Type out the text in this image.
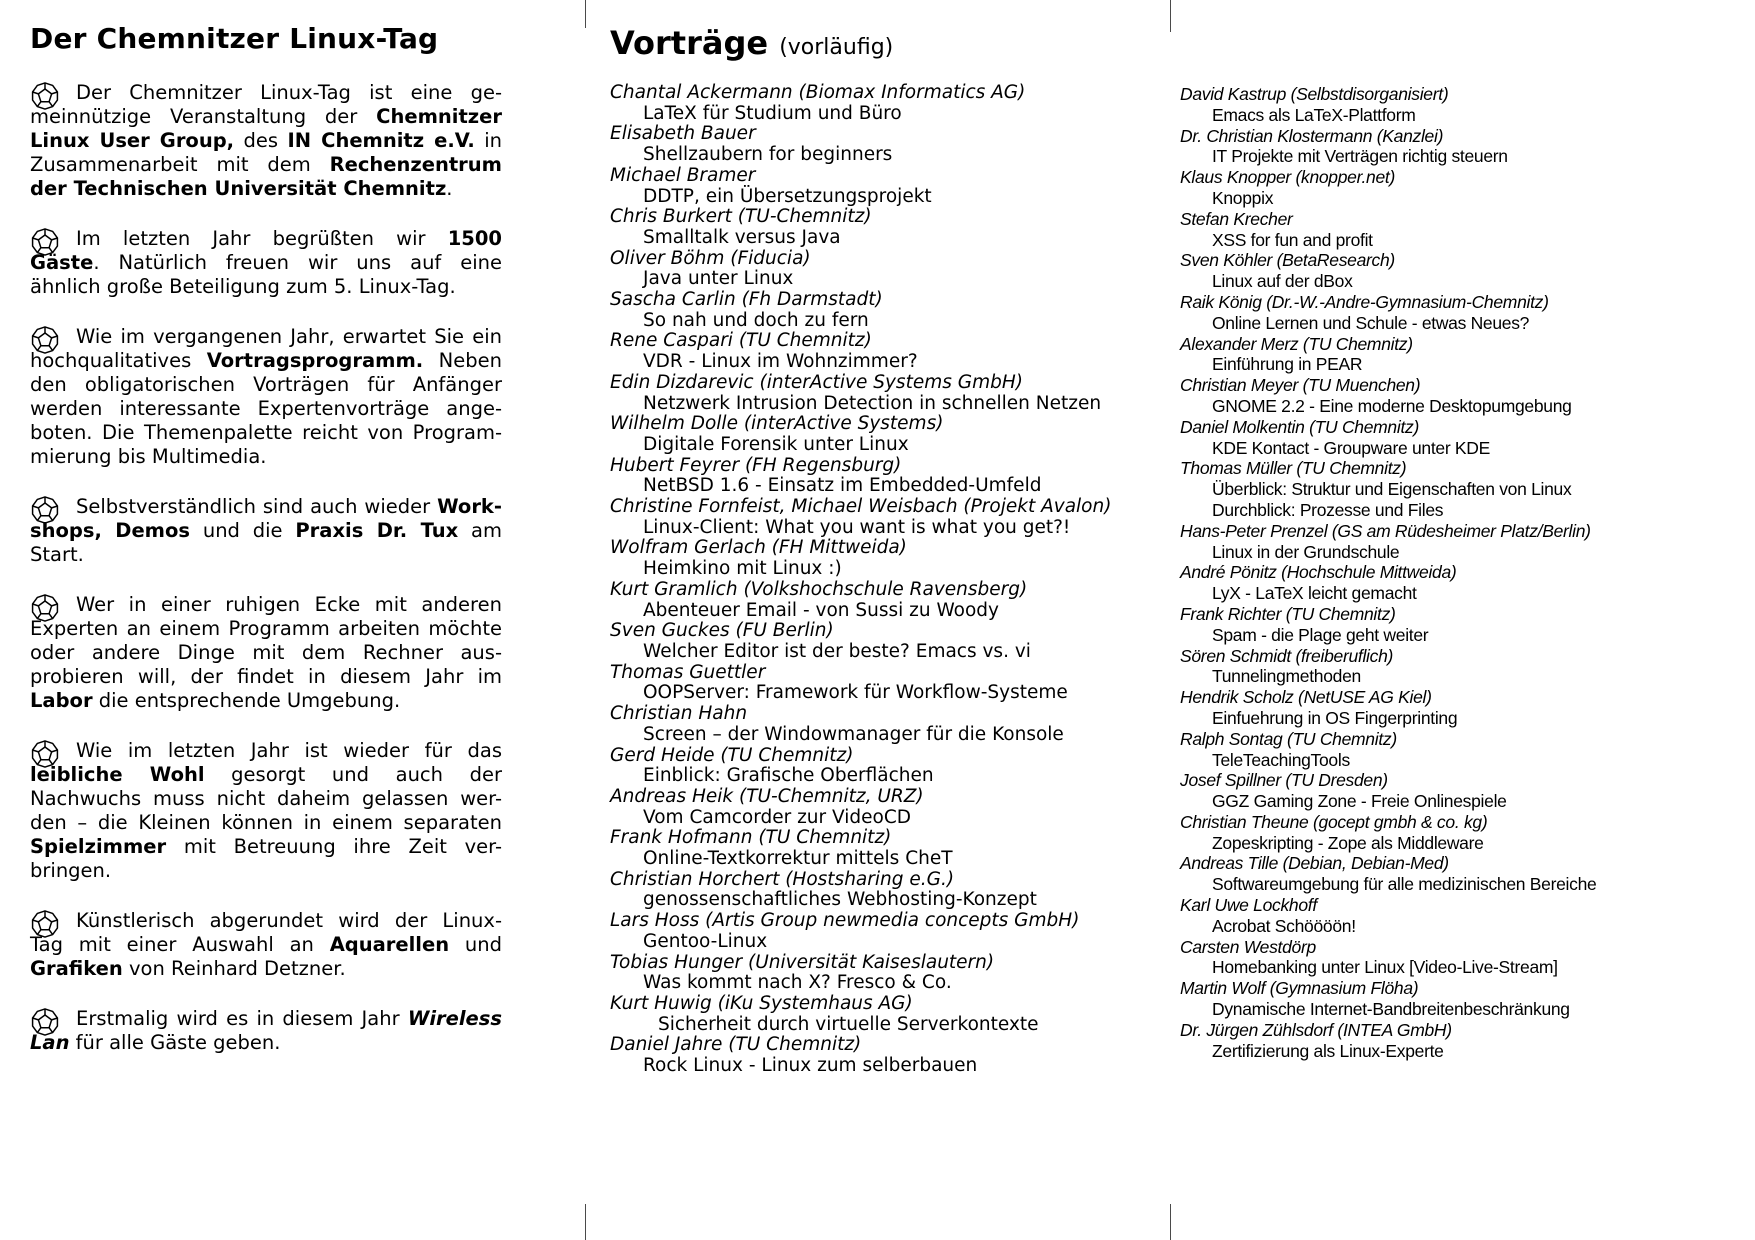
Der Chemnitzer Linux-Tag
Der Chemnitzer Linux-Tag ist eine ge-
meinnützige Veranstaltung der Chemnitzer
Linux User Group, des IN Chemnitz e.V. in
Zusammenarbeit mit dem Rechenzentrum
der Technischen Universität Chemnitz.
Im letzten Jahr begrüßten wir 1500
Gäste. Natürlich freuen wir uns auf eine
ähnlich große Beteiligung zum 5. Linux-Tag.
Wie im vergangenen Jahr, erwartet Sie ein
hochqualitatives Vortragsprogramm. Neben
den obligatorischen Vorträgen für Anfänger
werden interessante Expertenvorträge ange-
boten. Die Themenpalette reicht von Program-
mierung bis Multimedia.
Selbstverständlich sind auch wieder Work-
shops, Demos und die Praxis Dr. Tux am
Start.
Wer in einer ruhigen Ecke mit anderen
Experten an einem Programm arbeiten möchte
oder andere Dinge mit dem Rechner aus-
probieren will, der findet in diesem Jahr im
Labor die entsprechende Umgebung.
Wie im letzten Jahr ist wieder für das
leibliche Wohl gesorgt und auch der
Nachwuchs muss nicht daheim gelassen wer-
den – die Kleinen können in einem separaten
Spielzimmer mit Betreuung ihre Zeit ver-
bringen.
Künstlerisch abgerundet wird der Linux-
Tag mit einer Auswahl an Aquarellen und
Grafiken von Reinhard Detzner.
Erstmalig wird es in diesem Jahr Wireless
Lan für alle Gäste geben.
Vorträge (vorläufig)
Chantal Ackermann (Biomax Informatics AG)
LaTeX für Studium und Büro
Elisabeth Bauer
Shellzaubern for beginners
Michael Bramer
DDTP, ein Übersetzungsprojekt
Chris Burkert (TU-Chemnitz)
Smalltalk versus Java
Oliver Böhm (Fiducia)
Java unter Linux
Sascha Carlin (Fh Darmstadt)
So nah und doch zu fern
Rene Caspari (TU Chemnitz)
VDR - Linux im Wohnzimmer?
Edin Dizdarevic (interActive Systems GmbH)
Netzwerk Intrusion Detection in schnellen Netzen
Wilhelm Dolle (interActive Systems)
Digitale Forensik unter Linux
Hubert Feyrer (FH Regensburg)
NetBSD 1.6 - Einsatz im Embedded-Umfeld
Christine Fornfeist, Michael Weisbach (Projekt Avalon)
Linux-Client: What you want is what you get?!
Wolfram Gerlach (FH Mittweida)
Heimkino mit Linux :)
Kurt Gramlich (Volkshochschule Ravensberg)
Abenteuer Email - von Sussi zu Woody
Sven Guckes (FU Berlin)
Welcher Editor ist der beste? Emacs vs. vi
Thomas Guettler
OOPServer: Framework für Workflow-Systeme
Christian Hahn
Screen – der Windowmanager für die Konsole
Gerd Heide (TU Chemnitz)
Einblick: Grafische Oberflächen
Andreas Heik (TU-Chemnitz, URZ)
Vom Camcorder zur VideoCD
Frank Hofmann (TU Chemnitz)
Online-Textkorrektur mittels CheT
Christian Horchert (Hostsharing e.G.)
genossenschaftliches Webhosting-Konzept
Lars Hoss (Artis Group newmedia concepts GmbH)
Gentoo-Linux
Tobias Hunger (Universität Kaiseslautern)
Was kommt nach X? Fresco & Co.
Kurt Huwig (iKu Systemhaus AG)
Sicherheit durch virtuelle Serverkontexte
Daniel Jahre (TU Chemnitz)
Rock Linux - Linux zum selberbauen
David Kastrup (Selbstdisorganisiert)
Emacs als LaTeX-Plattform
Dr. Christian Klostermann (Kanzlei)
IT Projekte mit Verträgen richtig steuern
Klaus Knopper (knopper.net)
Knoppix
Stefan Krecher
XSS for fun and profit
Sven Köhler (BetaResearch)
Linux auf der dBox
Raik König (Dr.-W.-Andre-Gymnasium-Chemnitz)
Online Lernen und Schule - etwas Neues?
Alexander Merz (TU Chemnitz)
Einführung in PEAR
Christian Meyer (TU Muenchen)
GNOME 2.2 - Eine moderne Desktopumgebung
Daniel Molkentin (TU Chemnitz)
KDE Kontact - Groupware unter KDE
Thomas Müller (TU Chemnitz)
Überblick: Struktur und Eigenschaften von Linux
Durchblick: Prozesse und Files
Hans-Peter Prenzel (GS am Rüdesheimer Platz/Berlin)
Linux in der Grundschule
André Pönitz (Hochschule Mittweida)
LyX - LaTeX leicht gemacht
Frank Richter (TU Chemnitz)
Spam - die Plage geht weiter
Sören Schmidt (freiberuflich)
Tunnelingmethoden
Hendrik Scholz (NetUSE AG Kiel)
Einfuehrung in OS Fingerprinting
Ralph Sontag (TU Chemnitz)
TeleTeachingTools
Josef Spillner (TU Dresden)
GGZ Gaming Zone - Freie Onlinespiele
Christian Theune (gocept gmbh & co. kg)
Zopeskripting - Zope als Middleware
Andreas Tille (Debian, Debian-Med)
Softwareumgebung für alle medizinischen Bereiche
Karl Uwe Lockhoff
Acrobat Schöööön!
Carsten Westdörp
Homebanking unter Linux [Video-Live-Stream]
Martin Wolf (Gymnasium Flöha)
Dynamische Internet-Bandbreitenbeschränkung
Dr. Jürgen Zühlsdorf (INTEA GmbH)
Zertifizierung als Linux-Experte
